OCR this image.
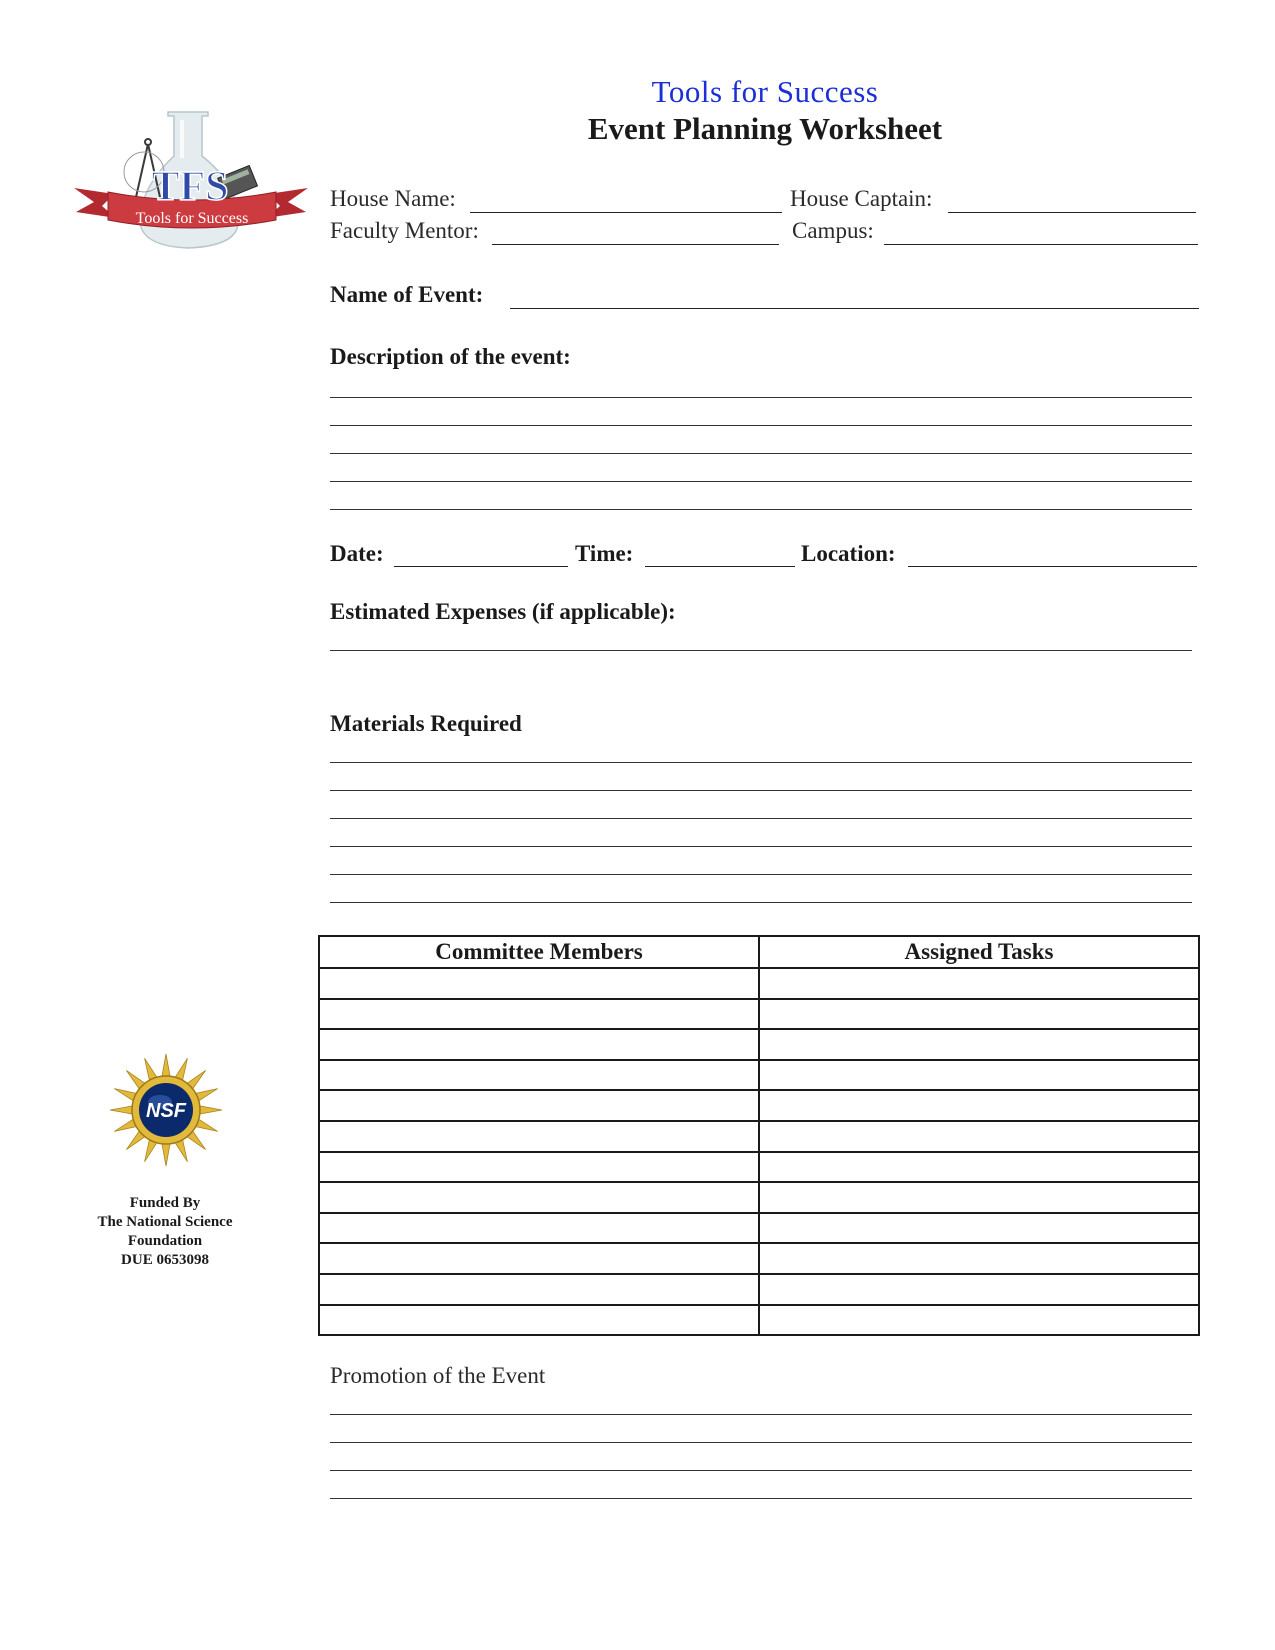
Tools for Success
Event Planning Worksheet
TFS
Tools for Success
House Name:	House Captain:
Faculty Mentor:	Campus:
Name of Event:
Description of the event:
Date:	Time:	Location:
Estimated Expenses (if applicable):
Materials Required
Committee Members	Assigned Tasks

Promotion of the Event
NSF
Funded By
The National Science
Foundation
DUE 0653098
